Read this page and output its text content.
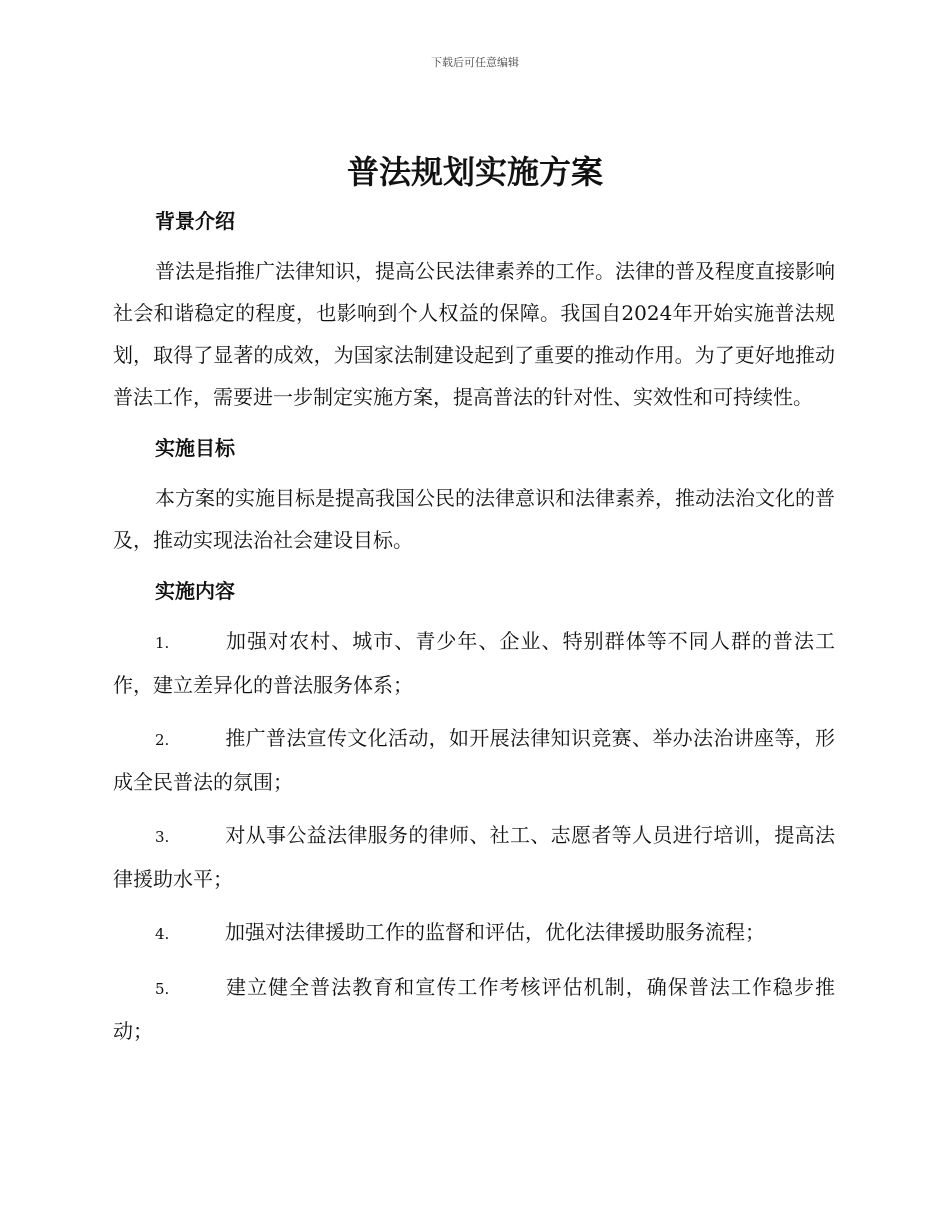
下载后可任意编辑
普法规划实施方案
背景介绍

普法是指推广法律知识，提高公民法律素养的工作。法律的普及程度直接影响社会和谐稳定的程度，也影响到个人权益的保障。我国自2024年开始实施普法规划，取得了显著的成效，为国家法制建设起到了重要的推动作用。为了更好地推动普法工作，需要进一步制定实施方案，提高普法的针对性、实效性和可持续性。

实施目标

本方案的实施目标是提高我国公民的法律意识和法律素养，推动法治文化的普及，推动实现法治社会建设目标。

实施内容
1.	加强对农村、城市、青少年、企业、特别群体等不同人群的普法工作，建立差异化的普法服务体系；
2.	推广普法宣传文化活动，如开展法律知识竞赛、举办法治讲座等，形成全民普法的氛围；
3.	对从事公益法律服务的律师、社工、志愿者等人员进行培训，提高法律援助水平；
4.	加强对法律援助工作的监督和评估，优化法律援助服务流程；
5.	建立健全普法教育和宣传工作考核评估机制，确保普法工作稳步推动；
